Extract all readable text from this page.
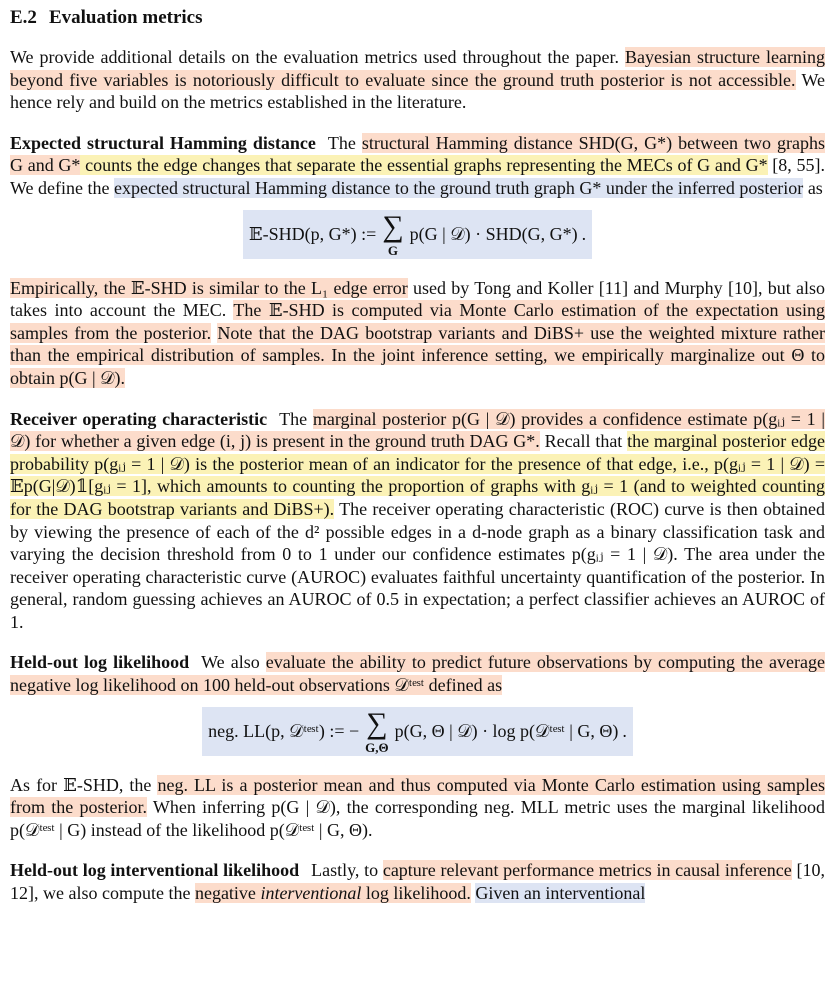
E.2 Evaluation metrics

We provide additional details on the evaluation metrics used throughout the paper. Bayesian structure learning beyond five variables is notoriously difficult to evaluate since the ground truth posterior is not accessible. We hence rely and build on the metrics established in the literature.

Expected structural Hamming distance The structural Hamming distance SHD(G, G*) between two graphs G and G* counts the edge changes that separate the essential graphs representing the MECs of G and G* [8, 55]. We define the expected structural Hamming distance to the ground truth graph G* under the inferred posterior as

𝔼-SHD(p, G*) := ∑
G
p(G | 𝒟) · SHD(G, G*) .

Empirically, the 𝔼-SHD is similar to the L₁ edge error used by Tong and Koller [11] and Murphy [10], but also takes into account the MEC. The 𝔼-SHD is computed via Monte Carlo estimation of the expectation using samples from the posterior. Note that the DAG bootstrap variants and DiBS+ use the weighted mixture rather than the empirical distribution of samples. In the joint inference setting, we empirically marginalize out Θ to obtain p(G | 𝒟).

Receiver operating characteristic The marginal posterior p(G | 𝒟) provides a confidence estimate p(gᵢⱼ = 1 | 𝒟) for whether a given edge (i, j) is present in the ground truth DAG G*. Recall that the marginal posterior edge probability p(gᵢⱼ = 1 | 𝒟) is the posterior mean of an indicator for the presence of that edge, i.e., p(gᵢⱼ = 1 | 𝒟) = 𝔼p(G|𝒟)𝟙[gᵢⱼ = 1], which amounts to counting the proportion of graphs with gᵢⱼ = 1 (and to weighted counting for the DAG bootstrap variants and DiBS+). The receiver operating characteristic (ROC) curve is then obtained by viewing the presence of each of the d² possible edges in a d-node graph as a binary classification task and varying the decision threshold from 0 to 1 under our confidence estimates p(gᵢⱼ = 1 | 𝒟). The area under the receiver operating characteristic curve (AUROC) evaluates faithful uncertainty quantification of the posterior. In general, random guessing achieves an AUROC of 0.5 in expectation; a perfect classifier achieves an AUROC of 1.

Held-out log likelihood We also evaluate the ability to predict future observations by computing the average negative log likelihood on 100 held-out observations 𝒟ᵗᵉˢᵗ defined as

neg. LL(p, 𝒟ᵗᵉˢᵗ) := − ∑
G,Θ
p(G, Θ | 𝒟) · log p(𝒟ᵗᵉˢᵗ | G, Θ) .

As for 𝔼-SHD, the neg. LL is a posterior mean and thus computed via Monte Carlo estimation using samples from the posterior. When inferring p(G | 𝒟), the corresponding neg. MLL metric uses the marginal likelihood p(𝒟ᵗᵉˢᵗ | G) instead of the likelihood p(𝒟ᵗᵉˢᵗ | G, Θ).

Held-out log interventional likelihood Lastly, to capture relevant performance metrics in causal inference [10, 12], we also compute the negative interventional log likelihood. Given an interventional
